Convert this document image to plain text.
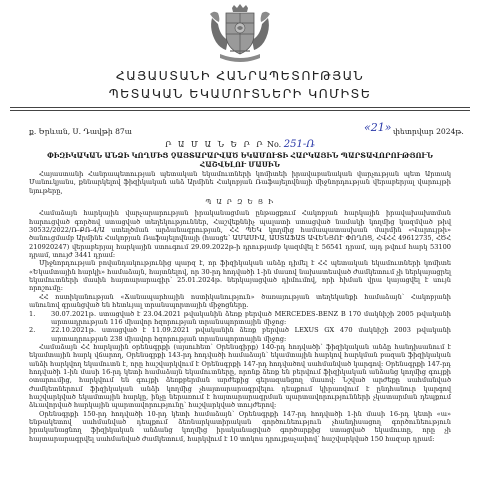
ՀԱՅԱՍՏԱՆԻ ՀԱՆՐԱՊԵՏՈՒԹՅԱՆ
ՊԵՏԱԿԱՆ ԵԿԱՄՈՒՏՆԵՐԻ ԿՈՄԻՏԵ
ք. Երևան, Ս. Դավթի 87ա	«21» փետրվար 2024թ.
Ր Ա Մ Ա Ն Ե Ր Ր No. 251-Ռ
ՓԻԶԻԿԱԿԱՆ ԱՆՁԻ ԿՈՂՄԻՑ ՉԱՅՏԱՐԱՐՎԱԾ ԵԿԱՄՈՒՏԻ ՀԱՐԿԱՅԻՆ ՊԱՐՏԱՎՈՐՈՒԹՅՈՒՆ ՀԱՇՎԵԼՈՒ ՄԱՍԻՆ

Հայաստանի Հանրապետության պետական եկամուտների կոմիտեի իրավաբանական վարչության պետ Արտակ Մանուկյանս, քննարկելով ֆիզիկական անձ Արմինե Հակոբյան Ռաֆայելովնայի միջնորդության վերաբերյալ վարույթի նյութերը,

Պ Ա Ր Զ Ե Ց Ի

Համաձայն հարկային վարչարարության իրականացման ընթացքում Հակոբյան հարկային իրավախախտման հարուցված գործով ստացված տեղեկություններ, Հաշվեքննիչ պալատի ստացված նամակի կողմից կազմված թիվ 30532/2022/Ռ-ՔՌ-4/Ա ստեղծման արձանագրության, ՀՀ ՊԵԿ կողմից համապատասխան մարմին «Վարույթի» ծանուցմամբ Արմինե Հակոբյան Ռաֆայելովնայի (հասցե՝ ԱՄԱՍԻԱ, ԱՍՏԱՖԱՏ ԱՎԵՆՅՈՒ ՓՈՂՈՑ, ՀՎՀՀ 49612735, ՀԾՀ 210920247) վերաբերյալ հարկային ստուգում 29.09.2022թ-ի դրությամբ կազմվել է 56541 դրամ, այդ թվում հարկ 53100 դրամ, տույժ 3441 դրամ:

Միջնորդության բովանդակությունից պարզ է, որ ֆիզիկական անձը դիմել է ՀՀ պետական եկամուտների կոմիտե «Եկամտային հարկի» համաձայն, հայտնելով, որ 30-րդ հոդվածի 1-ին մասով նախատեսված ժամկետում չի ներկայացրել եկամուտների մասին հայտարարագիր՝ 25.01.2024թ. ներկայացված դիմումով, որի հիման վրա կայացվել է սույն որոշումը:

ՀՀ ոստիկանության «Ճանապարհային ոստիկանություն» ծառայության տեղեկանքի համաձայն՝ Հակոբյանի անունով գրանցված են հետևյալ տրանսպորտային միջոցները.

1. 30.07.2021թ. ստացված է 23.04.2021 թվականին ձեռք բերված MERCEDES-BENZ B 170 մակնիշի 2005 թվականի արտադրության 116 միավոր հզորության տրանսպորտային միջոց:

2. 22.10.2021թ. ստացված է 11.09.2021 թվականին ձեռք բերված LEXUS GX 470 մակնիշի 2003 թվականի արտադրության 238 միավոր հզորության տրանսպորտային միջոց:

Համաձայն ՀՀ հարկային օրենսգրքի (այսուհետ՝ Օրենսգիրք) 140-րդ հոդվածի՝ ֆիզիկական անձը հանդիսանում է եկամտային հարկ վճարող, Օրենսգրքի 143-րդ հոդվածի համաձայն՝ եկամտային հարկով հարկման բազան ֆիզիկական անձի հարկվող եկամուտն է, որը հաշվարկվում է Օրենսգրքի 147-րդ հոդվածով սահմանված կարգով: Օրենսգրքի 147-րդ հոդվածի 1-ին մասի 16-րդ կետի համաձայն եկամուտները, որոնք ձեռք են բերվում ֆիզիկական անձանց կողմից գույքի օտարումից, հարկվում են գույքի ձեռքբերման արժեքից գերազանցող մասով: Նշված արժեքը սահմանված ժամկետներում ֆիզիկական անձի կողմից չհայտարարագրվելու դեպքում կիրառվում է ընդհանուր կարգով հաշվարկված եկամտային հարկը, ինչը ներառում է հայտարարագրման պարտավորությունների չկատարման դեպքում ձևավորված հարկային պարտավորությունը՝ հաշվարկված տույժերով:

Օրենսգրքի 150-րդ հոդվածի 10-րդ կետի համաձայն՝ Օրենսգրքի 147-րդ հոդվածի 1-ին մասի 16-րդ կետի «ա» ենթակետով սահմանված դեպքում ձեռնարկատիրական գործունեություն չհանդիսացող գործունեություն իրականացնող ֆիզիկական անձանց կողմից իրականացված գործարքից ստացված եկամուտը, որը չի հայտարարագրվել սահմանված ժամկետում, հարկվում է 10 տոկոս դրույքաչափով՝ հաշվարկված 150 հազար դրամ:
